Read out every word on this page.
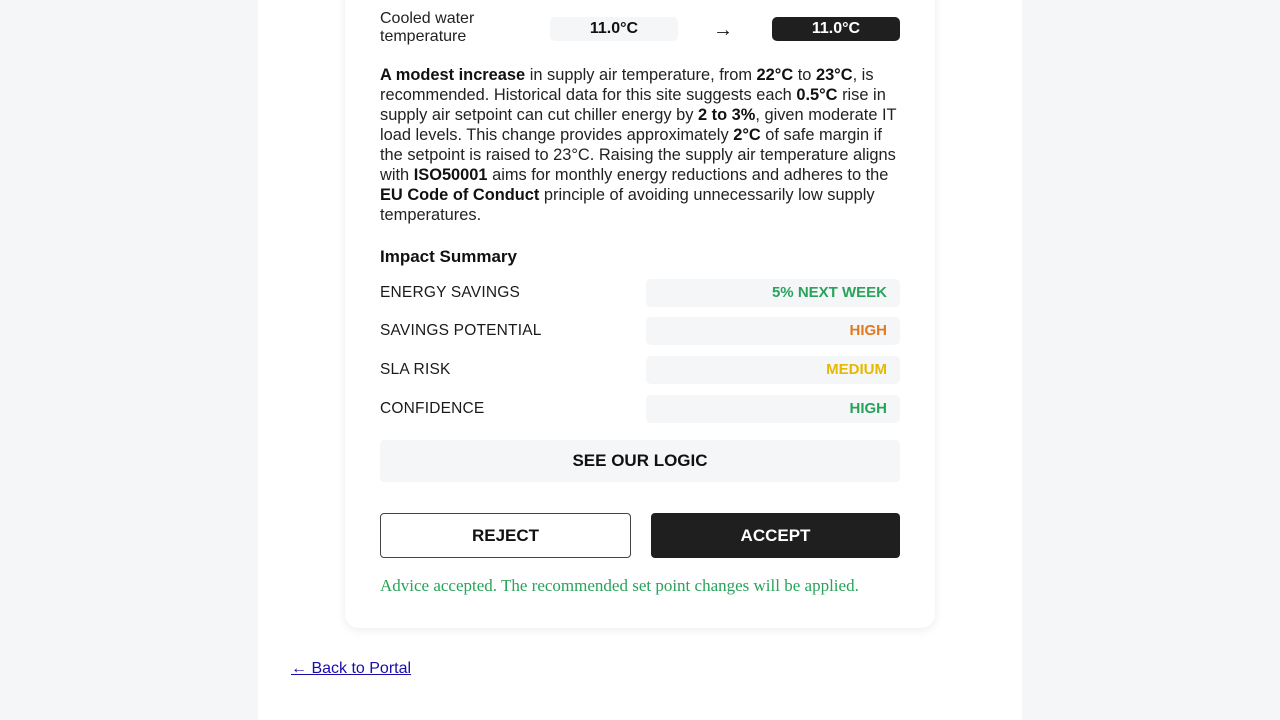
Cooled water temperature	11.0°C	→	11.0°C

A modest increase in supply air temperature, from 22°C to 23°C, is recommended. Historical data for this site suggests each 0.5°C rise in supply air setpoint can cut chiller energy by 2 to 3%, given moderate IT load levels. This change provides approximately 2°C of safe margin if the setpoint is raised to 23°C. Raising the supply air temperature aligns with ISO50001 aims for monthly energy reductions and adheres to the EU Code of Conduct principle of avoiding unnecessarily low supply temperatures.

Impact Summary
ENERGY SAVINGS	5% NEXT WEEK
SAVINGS POTENTIAL	HIGH
SLA RISK	MEDIUM
CONFIDENCE	HIGH
SEE OUR LOGIC
REJECT	ACCEPT

Advice accepted. The recommended set point changes will be applied.

← Back to Portal
